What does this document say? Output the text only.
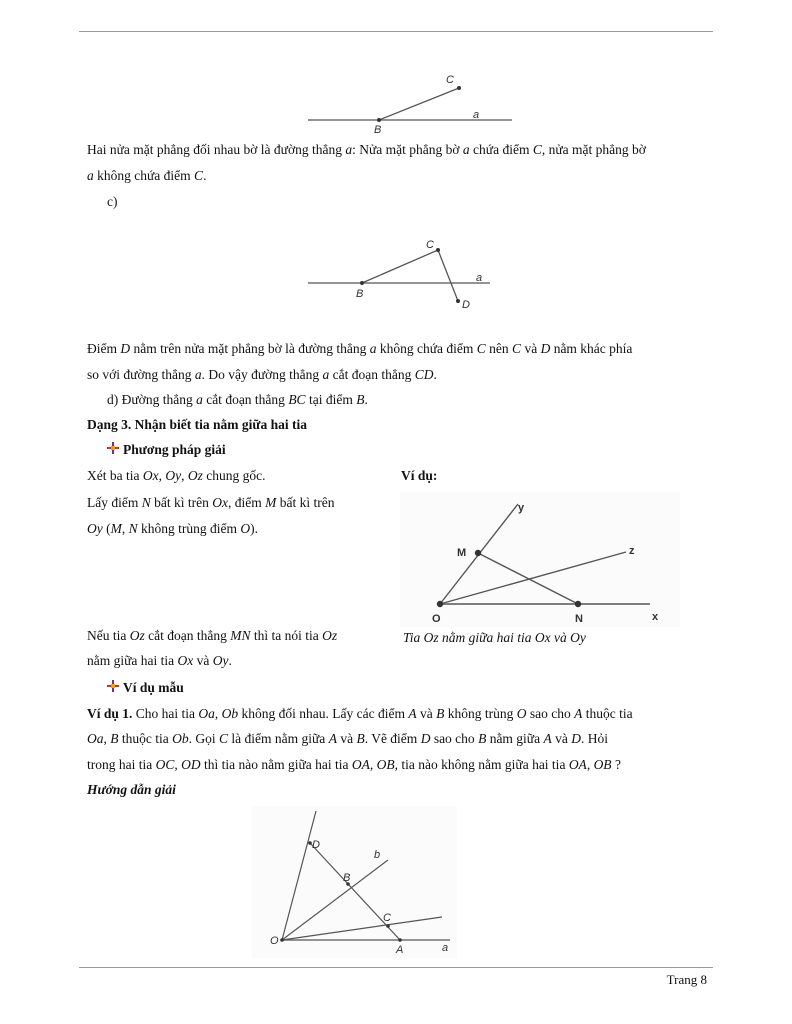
C
B
a
Hai nửa mặt phẳng đối nhau bờ là đường thẳng a: Nửa mặt phẳng bờ a chứa điểm C, nửa mặt phẳng bờ
a không chứa điểm C.
c)
C
B
a
D
Điểm D nằm trên nửa mặt phẳng bờ là đường thẳng a không chứa điểm C nên C và D nằm khác phía
so với đường thẳng a. Do vậy đường thẳng a cắt đoạn thẳng CD.
d) Đường thẳng a cắt đoạn thẳng BC tại điểm B.
Dạng 3. Nhận biết tia nằm giữa hai tia
Phương pháp giải
Xét ba tia Ox, Oy, Oz chung gốc.	Ví dụ:
Lấy điểm N bất kì trên Ox, điểm M bất kì trên
Oy (M, N không trùng điểm O).
y
M	z
O	N	x
Nếu tia Oz cắt đoạn thẳng MN thì ta nói tia Oz	Tia Oz nằm giữa hai tia Ox và Oy
nằm giữa hai tia Ox và Oy.
Ví dụ mẫu
Ví dụ 1. Cho hai tia Oa, Ob không đối nhau. Lấy các điểm A và B không trùng O sao cho A thuộc tia
Oa, B thuộc tia Ob. Gọi C là điểm nằm giữa A và B. Vẽ điểm D sao cho B nằm giữa A và D. Hỏi
trong hai tia OC, OD thì tia nào nằm giữa hai tia OA, OB, tia nào không nằm giữa hai tia OA, OB ?
Hướng dẫn giải
D
b
B
C
O
A	a
Trang 8
